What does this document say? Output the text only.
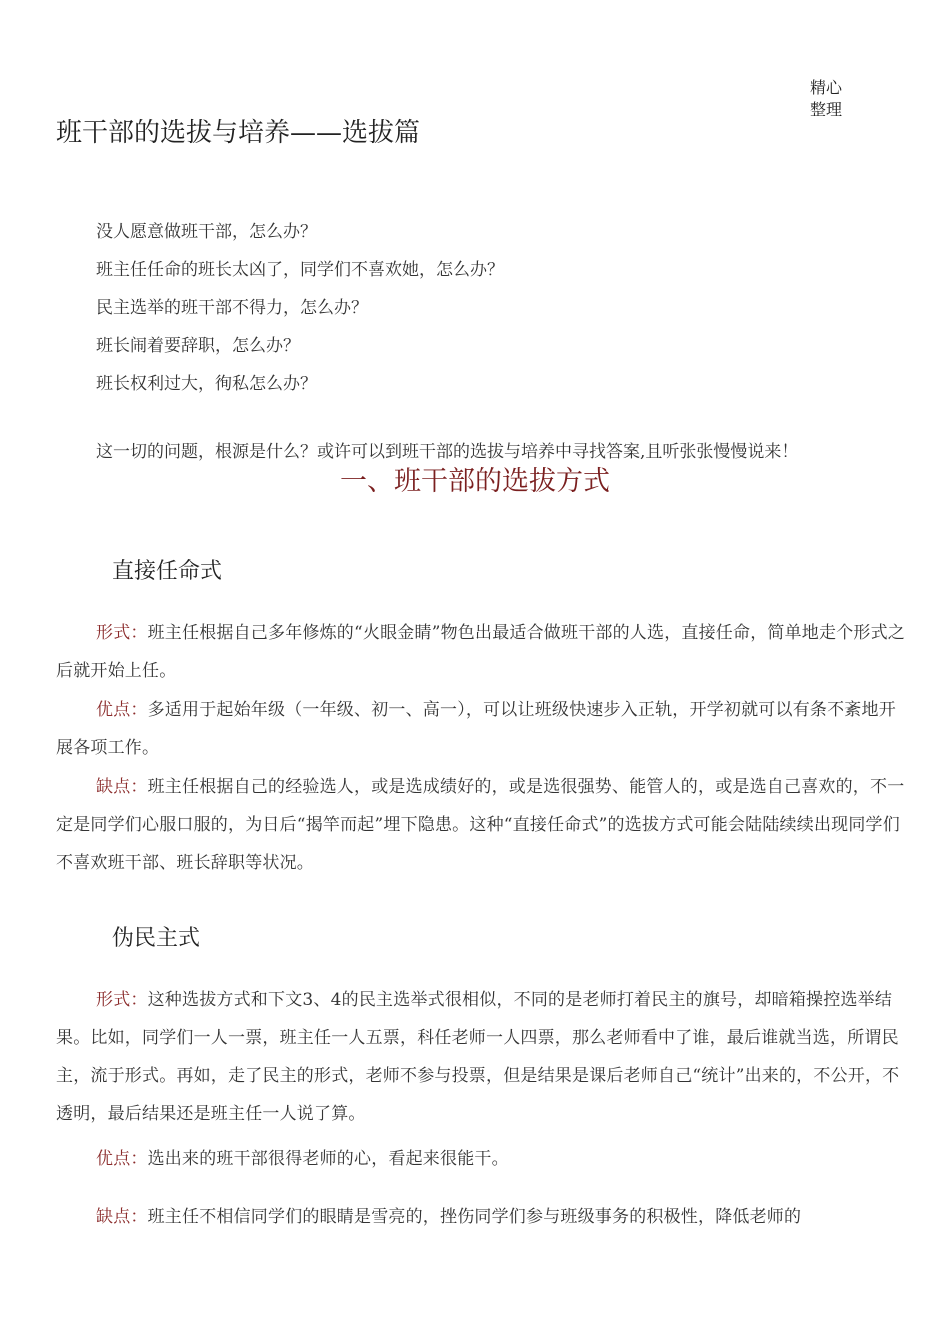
精心
整理
班干部的选拔与培养——选拔篇
没人愿意做班干部，怎么办？
班主任任命的班长太凶了，同学们不喜欢她，怎么办？
民主选举的班干部不得力，怎么办？
班长闹着要辞职，怎么办？
班长权利过大，徇私怎么办？

这一切的问题，根源是什么？或许可以到班干部的选拔与培养中寻找答案,且听张张慢慢说来！

一、班干部的选拔方式
直接任命式

形式：班主任根据自己多年修炼的“火眼金睛”物色出最适合做班干部的人选，直接任命，简单地走个形式之后就开始上任。

优点：多适用于起始年级（一年级、初一、高一），可以让班级快速步入正轨，开学初就可以有条不紊地开展各项工作。

缺点：班主任根据自己的经验选人，或是选成绩好的，或是选很强势、能管人的，或是选自己喜欢的，不一定是同学们心服口服的，为日后“揭竿而起”埋下隐患。这种“直接任命式”的选拔方式可能会陆陆续续出现同学们不喜欢班干部、班长辞职等状况。

伪民主式

形式：这种选拔方式和下文3、4的民主选举式很相似，不同的是老师打着民主的旗号，却暗箱操控选举结果。比如，同学们一人一票，班主任一人五票，科任老师一人四票，那么老师看中了谁，最后谁就当选，所谓民主，流于形式。再如，走了民主的形式，老师不参与投票，但是结果是课后老师自己“统计”出来的，不公开，不透明，最后结果还是班主任一人说了算。

优点：选出来的班干部很得老师的心，看起来很能干。

缺点：班主任不相信同学们的眼睛是雪亮的，挫伤同学们参与班级事务的积极性，降低老师的
